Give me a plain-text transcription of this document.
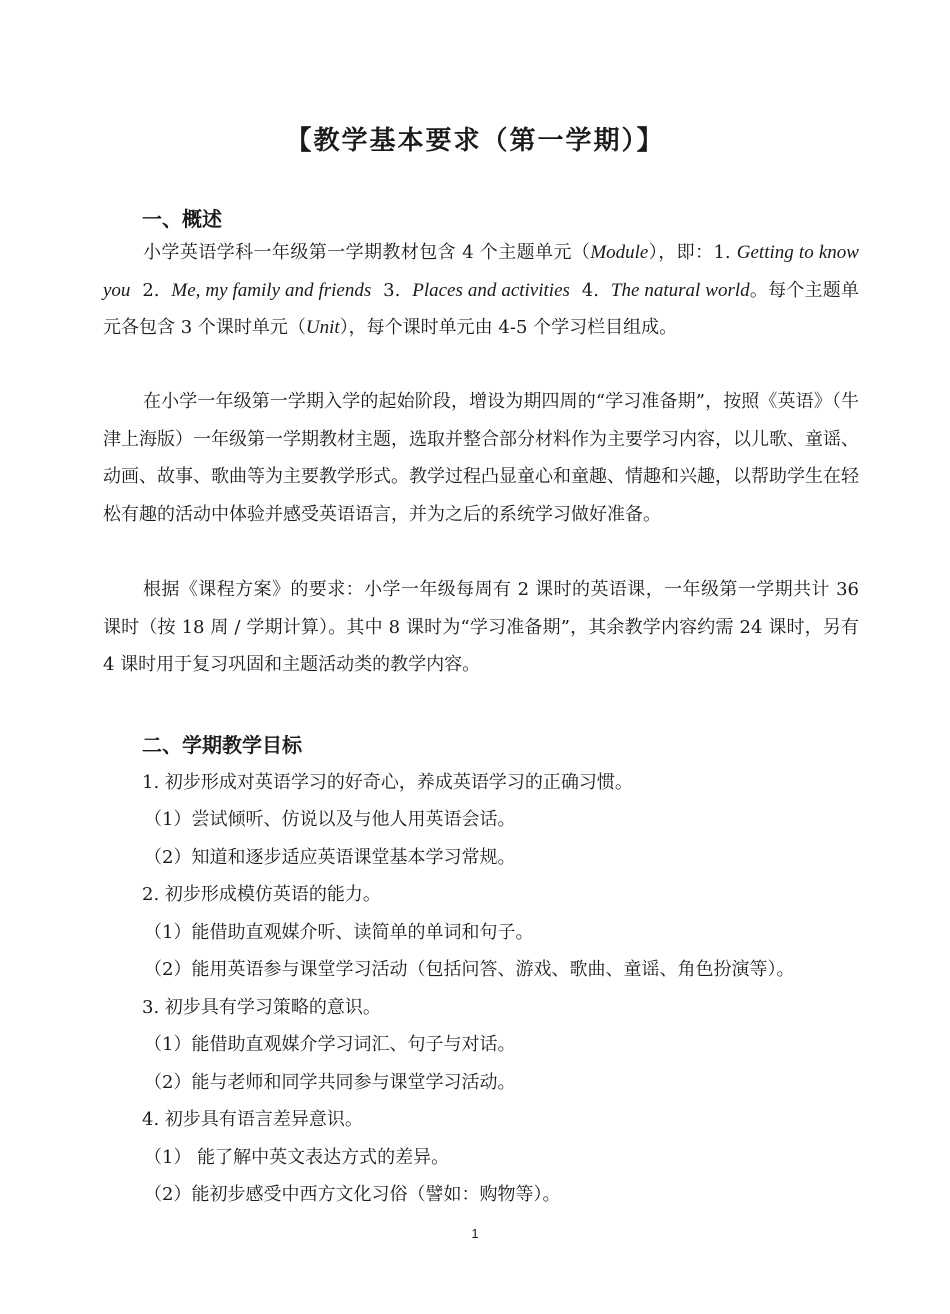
【教学基本要求（第一学期）】
一、概述

小学英语学科一年级第一学期教材包含 4 个主题单元（Module），即：1. Getting to know you  2.  Me, my family and friends  3.  Places and activities  4.  The natural world。每个主题单元各包含 3 个课时单元（Unit），每个课时单元由 4-5 个学习栏目组成。

在小学一年级第一学期入学的起始阶段，增设为期四周的“学习准备期”，按照《英语》（牛津上海版）一年级第一学期教材主题，选取并整合部分材料作为主要学习内容，以儿歌、童谣、动画、故事、歌曲等为主要教学形式。教学过程凸显童心和童趣、情趣和兴趣，以帮助学生在轻松有趣的活动中体验并感受英语语言，并为之后的系统学习做好准备。

根据《课程方案》的要求：小学一年级每周有 2 课时的英语课，一年级第一学期共计 36 课时（按 18 周 / 学期计算）。其中 8 课时为“学习准备期”，其余教学内容约需 24 课时，另有 4 课时用于复习巩固和主题活动类的教学内容。

二、学期教学目标
1. 初步形成对英语学习的好奇心，养成英语学习的正确习惯。
（1）尝试倾听、仿说以及与他人用英语会话。
（2）知道和逐步适应英语课堂基本学习常规。
2. 初步形成模仿英语的能力。
（1）能借助直观媒介听、读简单的单词和句子。
（2）能用英语参与课堂学习活动（包括问答、游戏、歌曲、童谣、角色扮演等）。
3. 初步具有学习策略的意识。
（1）能借助直观媒介学习词汇、句子与对话。
（2）能与老师和同学共同参与课堂学习活动。
4. 初步具有语言差异意识。
（1） 能了解中英文表达方式的差异。
（2）能初步感受中西方文化习俗（譬如：购物等）。
1
